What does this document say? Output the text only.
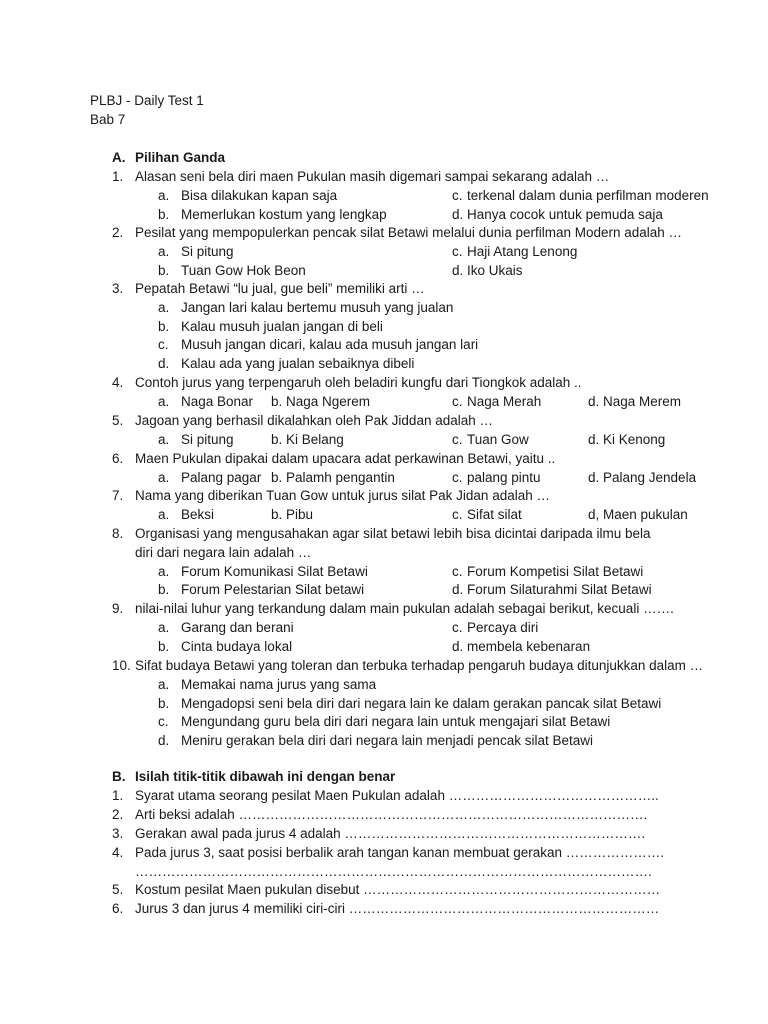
PLBJ - Daily Test 1
Bab 7
A. Pilihan Ganda
1. Alasan seni bela diri maen Pukulan masih digemari sampai sekarang adalah …
a. Bisa dilakukan kapan saja	c. terkenal dalam dunia perfilman moderen
b. Memerlukan kostum yang lengkap	d. Hanya cocok untuk pemuda saja
2. Pesilat yang mempopulerkan pencak silat Betawi melalui dunia perfilman Modern adalah …
a. Si pitung	c. Haji Atang Lenong
b. Tuan Gow Hok Beon	d. Iko Ukais
3. Pepatah Betawi “lu jual, gue beli” memiliki arti …
a. Jangan lari kalau bertemu musuh yang jualan
b. Kalau musuh jualan jangan di beli
c. Musuh jangan dicari, kalau ada musuh jangan lari
d. Kalau ada yang jualan sebaiknya dibeli
4. Contoh jurus yang terpengaruh oleh beladiri kungfu dari Tiongkok adalah ..
a. Naga Bonar b. Naga Ngerem	c. Naga Merah	d. Naga Merem
5. Jagoan yang berhasil dikalahkan oleh Pak Jiddan adalah …
a. Si pitung	b. Ki Belang	c. Tuan Gow	d. Ki Kenong
6. Maen Pukulan dipakai dalam upacara adat perkawinan Betawi, yaitu ..
a. Palang pagar b. Palamh pengantin	c. palang pintu	d. Palang Jendela
7. Nama yang diberikan Tuan Gow untuk jurus silat Pak Jidan adalah …
a. Beksi	b. Pibu	c. Sifat silat	d, Maen pukulan
8. Organisasi yang mengusahakan agar silat betawi lebih bisa dicintai daripada ilmu bela
diri dari negara lain adalah …
a. Forum Komunikasi Silat Betawi	c. Forum Kompetisi Silat Betawi
b. Forum Pelestarian Silat betawi	d. Forum Silaturahmi Silat Betawi
9. nilai-nilai luhur yang terkandung dalam main pukulan adalah sebagai berikut, kecuali …….
a. Garang dan berani	c. Percaya diri
b. Cinta budaya lokal	d. membela kebenaran
10. Sifat budaya Betawi yang toleran dan terbuka terhadap pengaruh budaya ditunjukkan dalam …
a. Memakai nama jurus yang sama
b. Mengadopsi seni bela diri dari negara lain ke dalam gerakan pancak silat Betawi
c. Mengundang guru bela diri dari negara lain untuk mengajari silat Betawi
d. Meniru gerakan bela diri dari negara lain menjadi pencak silat Betawi
B. Isilah titik-titik dibawah ini dengan benar
1. Syarat utama seorang pesilat Maen Pukulan adalah ………………………………………..
2. Arti beksi adalah ……………………………………………………………………………….
3. Gerakan awal pada jurus 4 adalah ………………………………………………………….
4. Pada jurus 3, saat posisi berbalik arah tangan kanan membuat gerakan ………………….
…………………………………………………………………………………………………….
5. Kostum pesilat Maen pukulan disebut …………………………………………………………
6. Jurus 3 dan jurus 4 memiliki ciri-ciri ……………………………………………………………
